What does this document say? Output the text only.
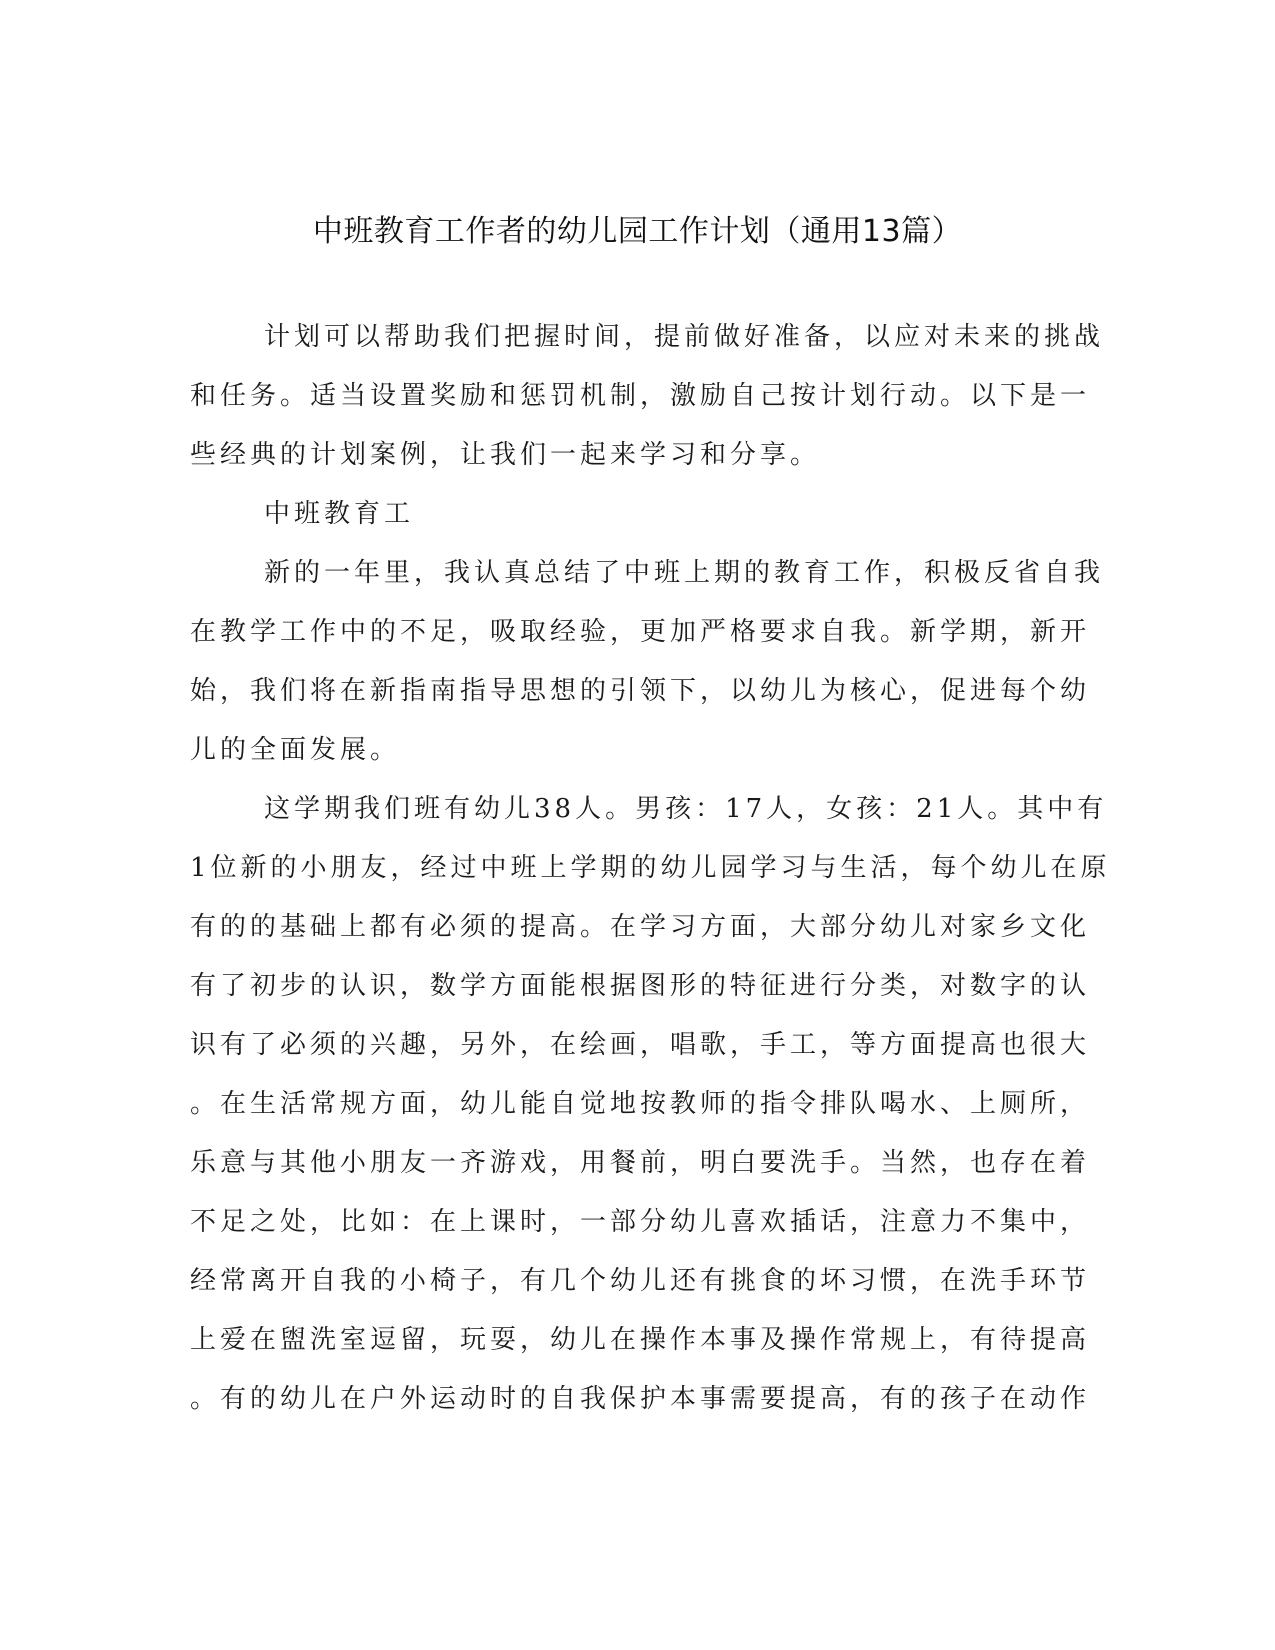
中班教育工作者的幼儿园工作计划（通用13篇）
计划可以帮助我们把握时间，提前做好准备，以应对未来的挑战
和任务。适当设置奖励和惩罚机制，激励自己按计划行动。以下是一
些经典的计划案例，让我们一起来学习和分享。
中班教育工
新的一年里，我认真总结了中班上期的教育工作，积极反省自我
在教学工作中的不足，吸取经验，更加严格要求自我。新学期，新开
始，我们将在新指南指导思想的引领下，以幼儿为核心，促进每个幼
儿的全面发展。
这学期我们班有幼儿38人。男孩：17人，女孩：21人。其中有
1位新的小朋友，经过中班上学期的幼儿园学习与生活，每个幼儿在原
有的的基础上都有必须的提高。在学习方面，大部分幼儿对家乡文化
有了初步的认识，数学方面能根据图形的特征进行分类，对数字的认
识有了必须的兴趣，另外，在绘画，唱歌，手工，等方面提高也很大
。在生活常规方面，幼儿能自觉地按教师的指令排队喝水、上厕所，
乐意与其他小朋友一齐游戏，用餐前，明白要洗手。当然，也存在着
不足之处，比如：在上课时，一部分幼儿喜欢插话，注意力不集中，
经常离开自我的小椅子，有几个幼儿还有挑食的坏习惯，在洗手环节
上爱在盥洗室逗留，玩耍，幼儿在操作本事及操作常规上，有待提高
。有的幼儿在户外运动时的自我保护本事需要提高，有的孩子在动作
